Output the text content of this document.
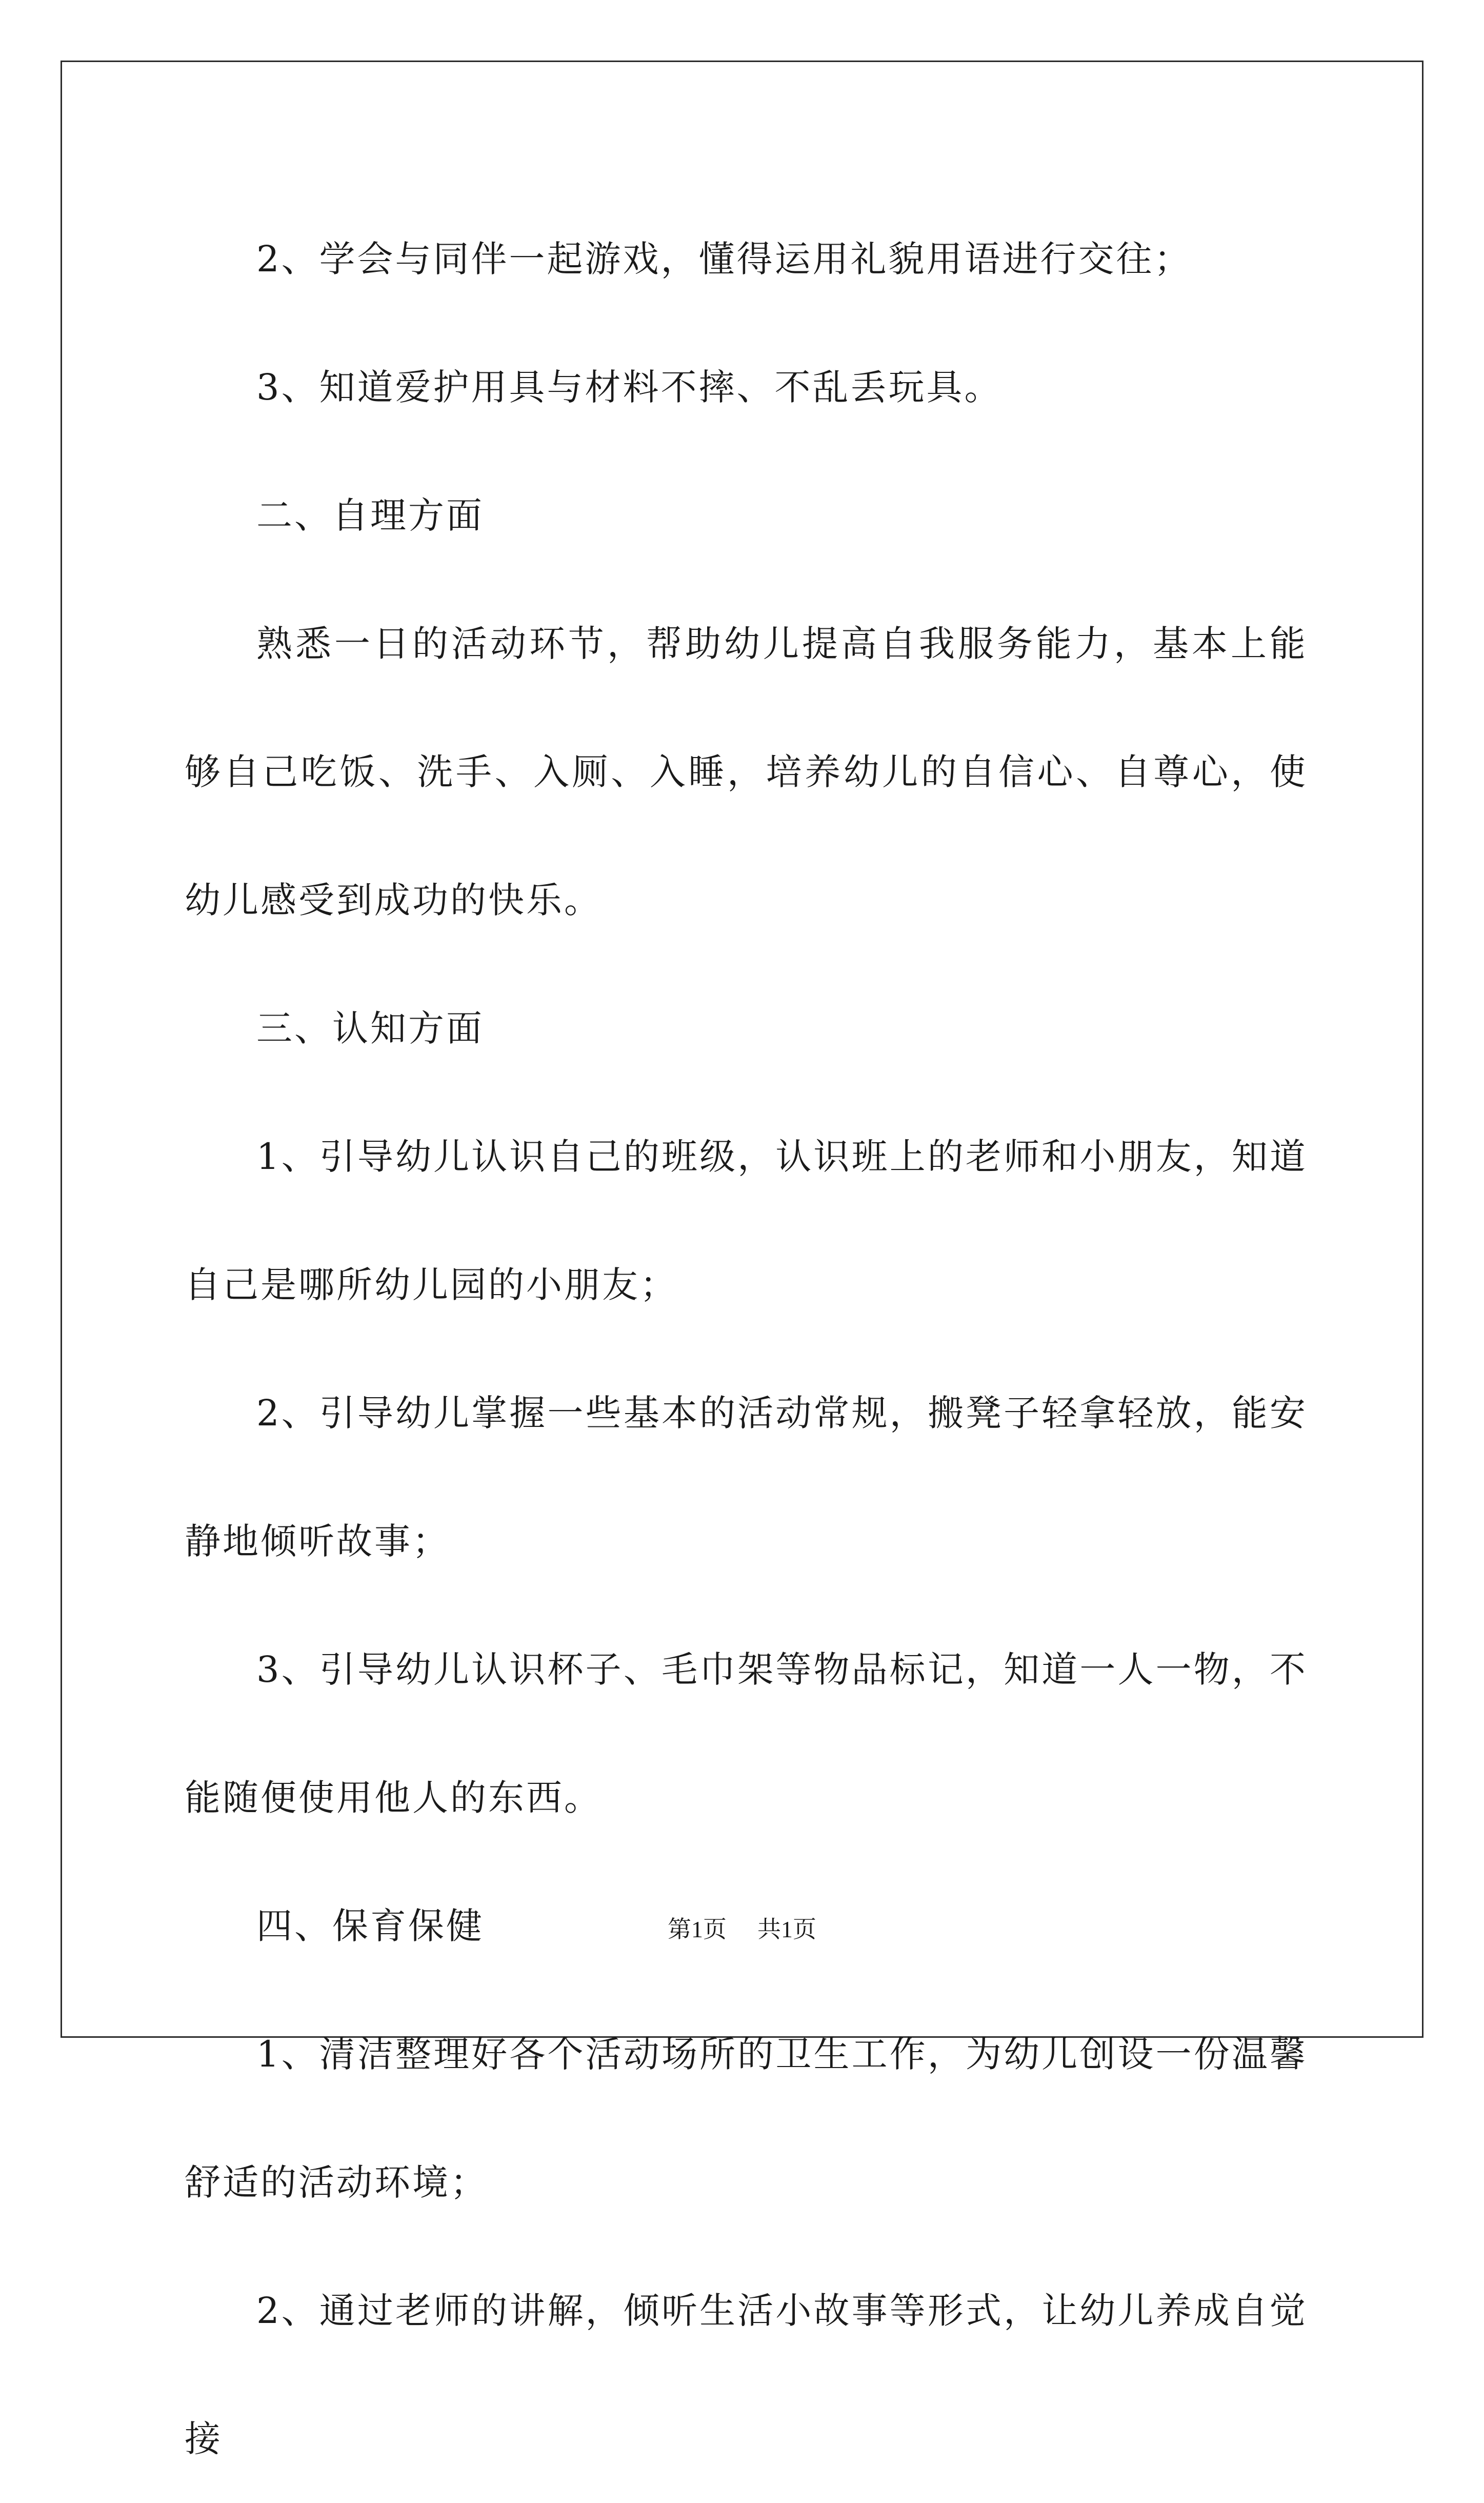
2、学会与同伴一起游戏，懂得运用礼貌用语进行交往；

3、知道爱护用具与材料不摔、不乱丢玩具。

二、自理方面

熟悉一日的活动环节，帮助幼儿提高自我服务能力，基本上能够自己吃饭、洗手、入厕、入睡，培养幼儿的自信心、自尊心，使幼儿感受到成功的快乐。

三、认知方面

1、引导幼儿认识自己的班级，认识班上的老师和小朋友，知道自己是哪所幼儿园的小朋友；

2、引导幼儿掌握一些基本的活动常规，搬凳子轻拿轻放，能安静地倾听故事；

3、引导幼儿认识杯子、毛巾架等物品标记，知道一人一物，不能随便使用他人的东西。

四、保育保健

1、清洁整理好各个活动场所的卫生工作，为幼儿创设一份温馨舒适的活动环境；

2、通过老师的讲解，倾听生活小故事等形式，让幼儿养成自觉接

第1页 共1页
